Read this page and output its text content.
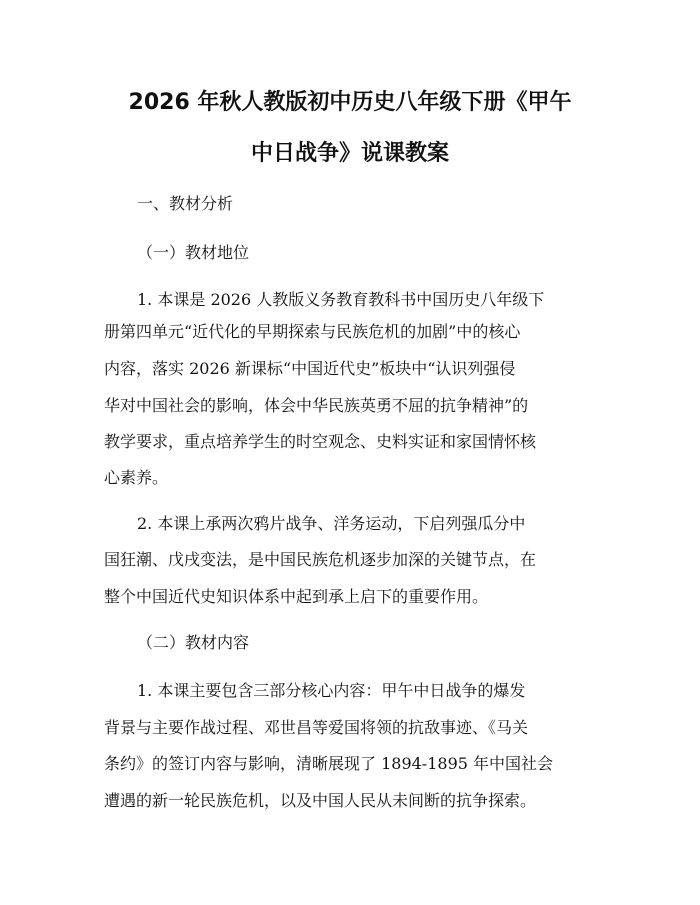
2026 年秋人教版初中历史八年级下册《甲午
中日战争》说课教案
一、教材分析
（一）教材地位
1. 本课是 2026 人教版义务教育教科书中国历史八年级下
册第四单元“近代化的早期探索与民族危机的加剧”中的核心
内容，落实 2026 新课标“中国近代史”板块中“认识列强侵
华对中国社会的影响，体会中华民族英勇不屈的抗争精神”的
教学要求，重点培养学生的时空观念、史料实证和家国情怀核
心素养。
2. 本课上承两次鸦片战争、洋务运动，下启列强瓜分中
国狂潮、戊戌变法，是中国民族危机逐步加深的关键节点，在
整个中国近代史知识体系中起到承上启下的重要作用。
（二）教材内容
1. 本课主要包含三部分核心内容：甲午中日战争的爆发
背景与主要作战过程、邓世昌等爱国将领的抗敌事迹、《马关
条约》的签订内容与影响，清晰展现了 1894-1895 年中国社会
遭遇的新一轮民族危机，以及中国人民从未间断的抗争探索。
